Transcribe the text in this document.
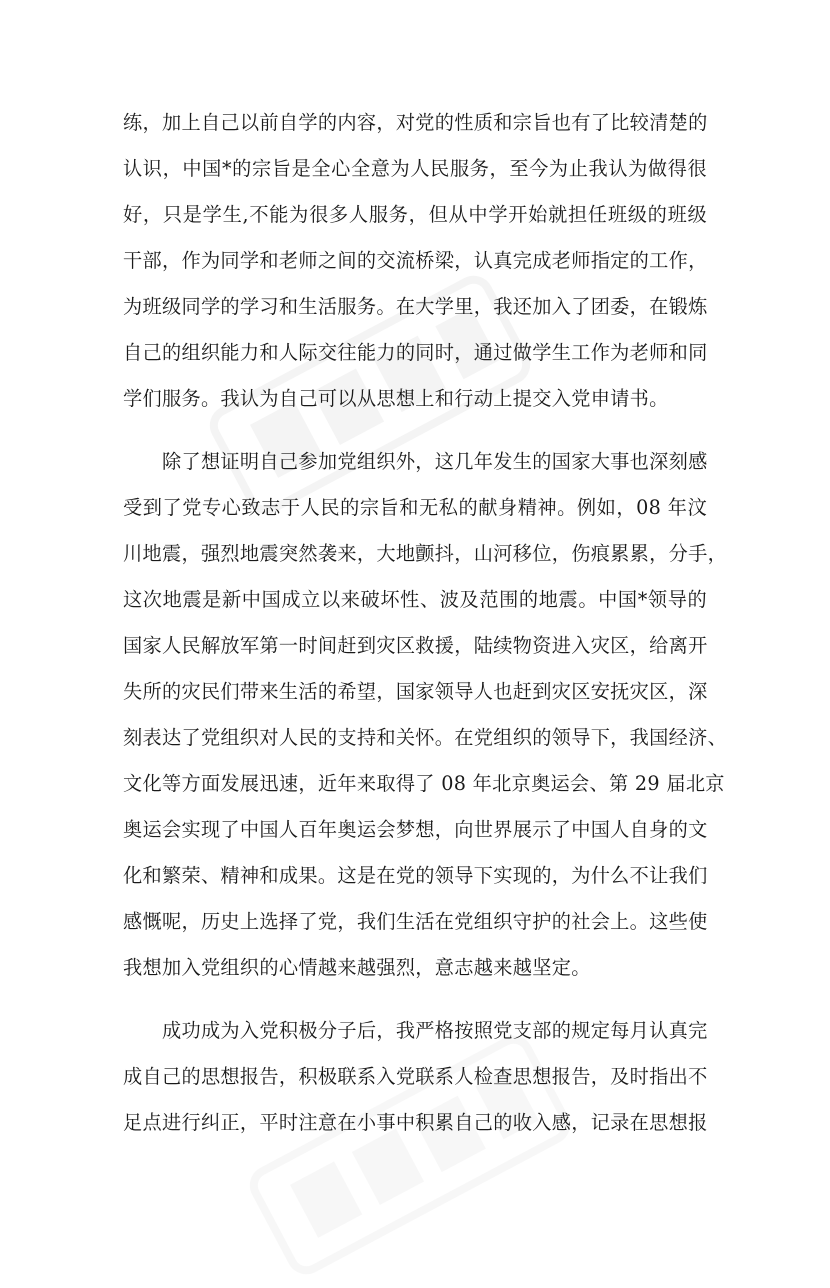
练，加上自己以前自学的内容，对党的性质和宗旨也有了比较清楚的
认识，中国*的宗旨是全心全意为人民服务，至今为止我认为做得很
好，只是学生,不能为很多人服务，但从中学开始就担任班级的班级
干部，作为同学和老师之间的交流桥梁，认真完成老师指定的工作，
为班级同学的学习和生活服务。在大学里，我还加入了团委，在锻炼
自己的组织能力和人际交往能力的同时，通过做学生工作为老师和同
学们服务。我认为自己可以从思想上和行动上提交入党申请书。
　　除了想证明自己参加党组织外，这几年发生的国家大事也深刻感
受到了党专心致志于人民的宗旨和无私的献身精神。例如，08 年汶
川地震，强烈地震突然袭来，大地颤抖，山河移位，伤痕累累，分手，
这次地震是新中国成立以来破坏性、波及范围的地震。中国*领导的
国家人民解放军第一时间赶到灾区救援，陆续物资进入灾区，给离开
失所的灾民们带来生活的希望，国家领导人也赶到灾区安抚灾区，深
刻表达了党组织对人民的支持和关怀。在党组织的领导下，我国经济、
文化等方面发展迅速，近年来取得了 08 年北京奥运会、第 29 届北京
奥运会实现了中国人百年奥运会梦想，向世界展示了中国人自身的文
化和繁荣、精神和成果。这是在党的领导下实现的，为什么不让我们
感慨呢，历史上选择了党，我们生活在党组织守护的社会上。这些使
我想加入党组织的心情越来越强烈，意志越来越坚定。
　　成功成为入党积极分子后，我严格按照党支部的规定每月认真完
成自己的思想报告，积极联系入党联系人检查思想报告，及时指出不
足点进行纠正，平时注意在小事中积累自己的收入感，记录在思想报
